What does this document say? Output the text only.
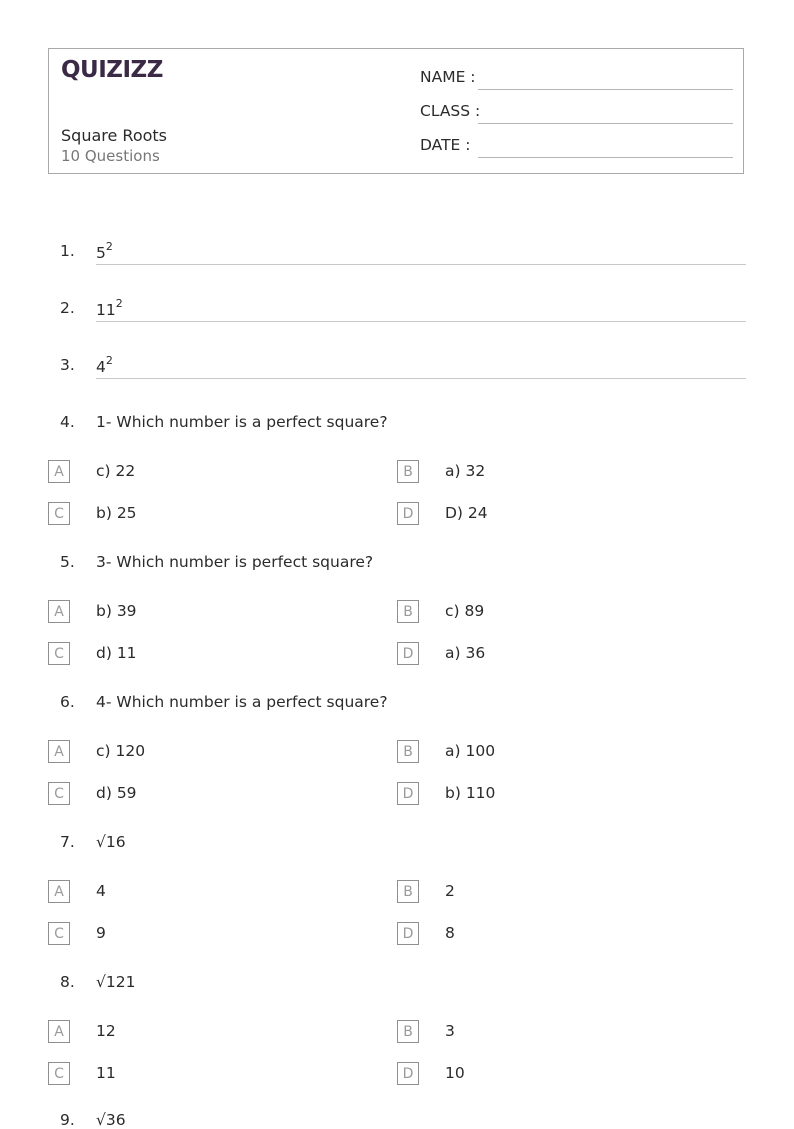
QUIZIZZ
Square Roots
10 Questions
NAME :
CLASS :
DATE :
1. $5^2$
2. $11^2$
3. $4^2$
4. 1- Which number is a perfect square?
A	c) 22	B	a) 32
C	b) 25	D	D) 24
5. 3- Which number is perfect square?
A	b) 39	B	c) 89
C	d) 11	D	a) 36
6. 4- Which number is a perfect square?
A	c) 120	B	a) 100
C	d) 59	D	b) 110
7. √16
A	4	B	2
C	9	D	8
8. √121
A	12	B	3
C	11	D	10
9. √36
